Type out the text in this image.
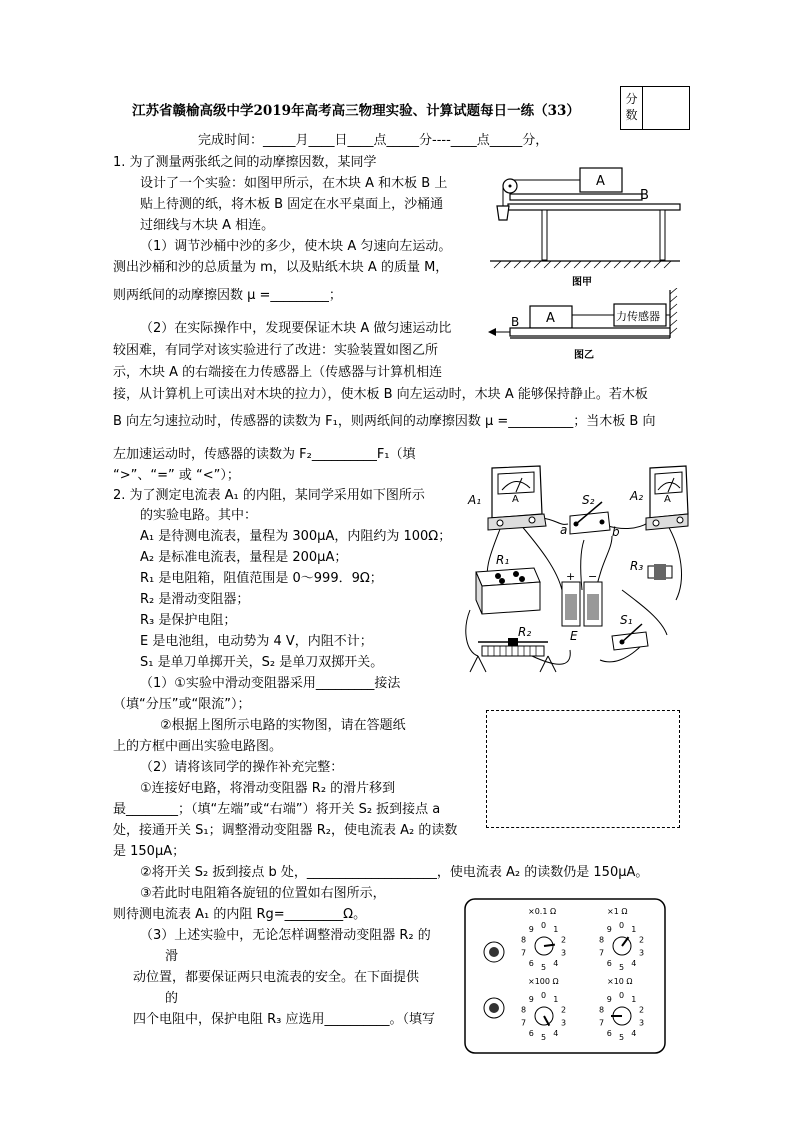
江苏省赣榆高级中学2019年高考高三物理实验、计算试题每日一练（33）
分
数
完成时间：_____月____日____点_____分----____点_____分，
1. 为了测量两张纸之间的动摩擦因数，某同学
设计了一个实验：如图甲所示，在木块 A 和木板 B 上
贴上待测的纸，将木板 B 固定在水平桌面上，沙桶通
过细线与木块 A 相连。
（1）调节沙桶中沙的多少，使木块 A 匀速向左运动。
测出沙桶和沙的总质量为 m，以及贴纸木块 A 的质量 M，
则两纸间的动摩擦因数 μ =_________；
（2）在实际操作中，发现要保证木块 A 做匀速运动比
较困难，有同学对该实验进行了改进：实验装置如图乙所
示，木块 A 的右端接在力传感器上（传感器与计算机相连
接，从计算机上可读出对木块的拉力），使木板 B 向左运动时，木块 A 能够保持静止。若木板
B 向左匀速拉动时，传感器的读数为 F₁，则两纸间的动摩擦因数 μ =__________；当木板 B 向
左加速运动时，传感器的读数为 F₂__________F₁（填
“>”、“=” 或 “<”）；
A
B
图甲
力传感器
A
B
图乙
2. 为了测定电流表 A₁ 的内阻，某同学采用如下图所示
的实验电路。其中：
A₁ 是待测电流表，量程为 300μA，内阻约为 100Ω；
A₂ 是标准电流表，量程是 200μA；
R₁ 是电阻箱，阻值范围是 0～999．9Ω；
R₂ 是滑动变阻器；
R₃ 是保护电阻；
E 是电池组，电动势为 4 V，内阻不计；
S₁ 是单刀单掷开关，S₂ 是单刀双掷开关。
（1）①实验中滑动变阻器采用_________接法
（填“分压”或“限流”）；
②根据上图所示电路的实物图，请在答题纸
上的方框中画出实验电路图。
（2）请将该同学的操作补充完整：
①连接好电路，将滑动变阻器 R₂ 的滑片移到
最________；（填“左端”或“右端”）将开关 S₂ 扳到接点 a
处，接通开关 S₁；调整滑动变阻器 R₂，使电流表 A₂ 的读数
是 150μA；
②将开关 S₂ 扳到接点 b 处，____________________，使电流表 A₂ 的读数仍是 150μA。
③若此时电阻箱各旋钮的位置如右图所示，
则待测电流表 A₁ 的内阻 Rg=_________Ω。
（3）上述实验中，无论怎样调整滑动变阻器 R₂ 的
滑
动位置，都要保证两只电流表的安全。在下面提供
的
四个电阻中，保护电阻 R₃ 应选用__________。（填写
A₁	A	A₂ A
S₂
a	b
R₁
+ −
E
R₃
S₁
R₂
0 1
2
3
4
5
6
7
8
9	0 1
2
3
4
5
6
7
8
9
0 1
2
3
4
5
6
7
8
9	0 1
2
3
4
5
6
7
8
9
×0.1 Ω	×1 Ω
×100 Ω	×10 Ω
